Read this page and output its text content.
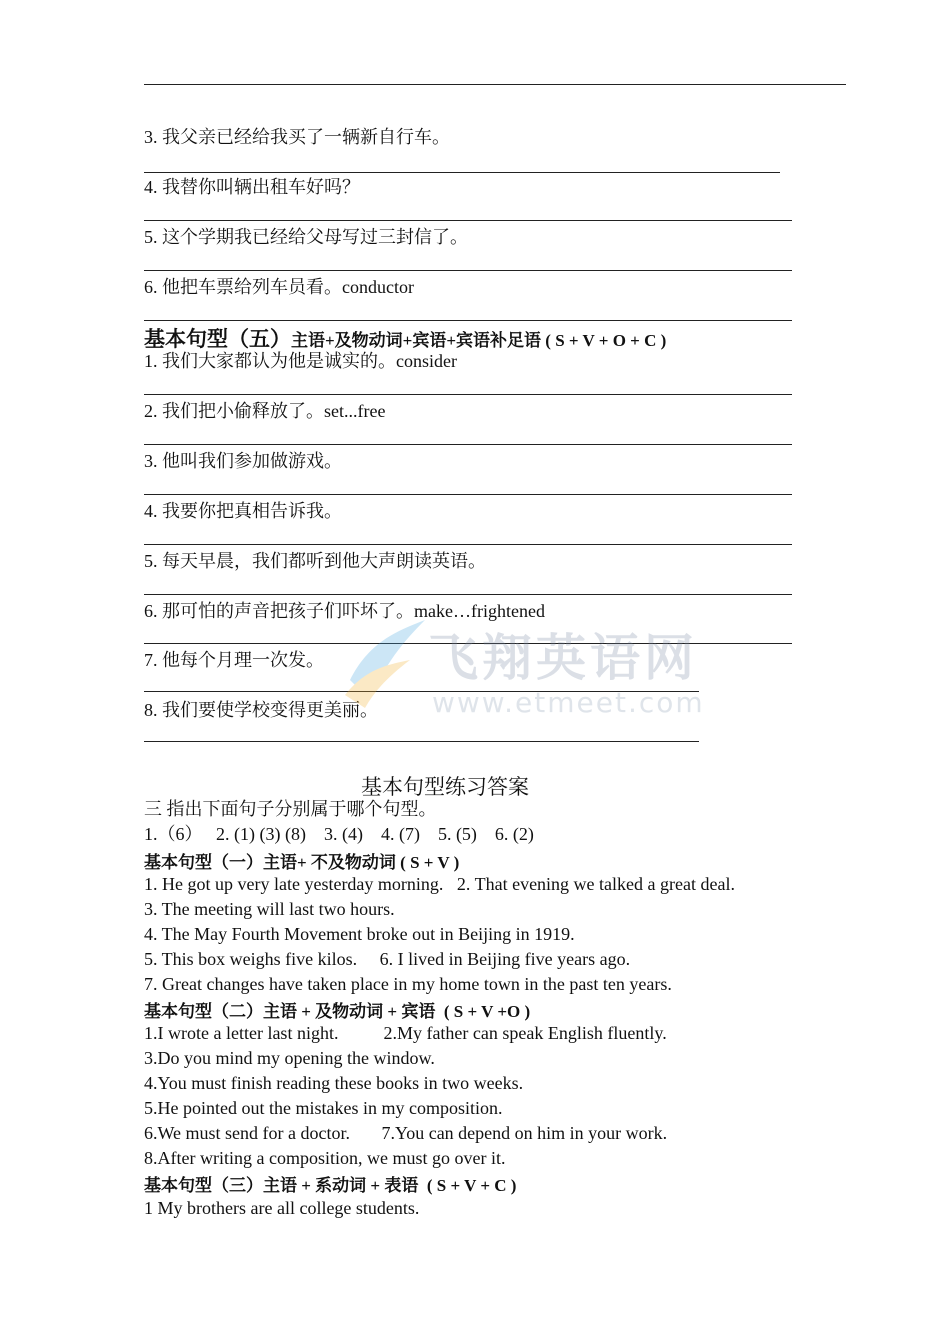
3. 我父亲已经给我买了一辆新自行车。
4. 我替你叫辆出租车好吗？
5. 这个学期我已经给父母写过三封信了。
6. 他把车票给列车员看。conductor
基本句型（五）主语+及物动词+宾语+宾语补足语 ( S + V + O + C )
1. 我们大家都认为他是诚实的。consider
2. 我们把小偷释放了。set...free
3. 他叫我们参加做游戏。
4. 我要你把真相告诉我。
5. 每天早晨，我们都听到他大声朗读英语。
6. 那可怕的声音把孩子们吓坏了。make…frightened
7. 他每个月理一次发。
8. 我们要使学校变得更美丽。
飞翔英语网
www.etmeet.com
基本句型练习答案
三 指出下面句子分别属于哪个句型。
1.（6）   2. (1) (3) (8)    3. (4)    4. (7)    5. (5)    6. (2)
基本句型（一）主语+ 不及物动词 ( S + V )
1. He got up very late yesterday morning.   2. That evening we talked a great deal.
3. The meeting will last two hours.
4. The May Fourth Movement broke out in Beijing in 1919.
5. This box weighs five kilos.     6. I lived in Beijing five years ago.
7. Great changes have taken place in my home town in the past ten years.
基本句型（二）主语 + 及物动词 + 宾语  ( S + V +O )
1.I wrote a letter last night.          2.My father can speak English fluently.
3.Do you mind my opening the window.
4.You must finish reading these books in two weeks.
5.He pointed out the mistakes in my composition.
6.We must send for a doctor.       7.You can depend on him in your work.
8.After writing a composition, we must go over it.
基本句型（三）主语 + 系动词 + 表语  ( S + V + C )
1 My brothers are all college students.
